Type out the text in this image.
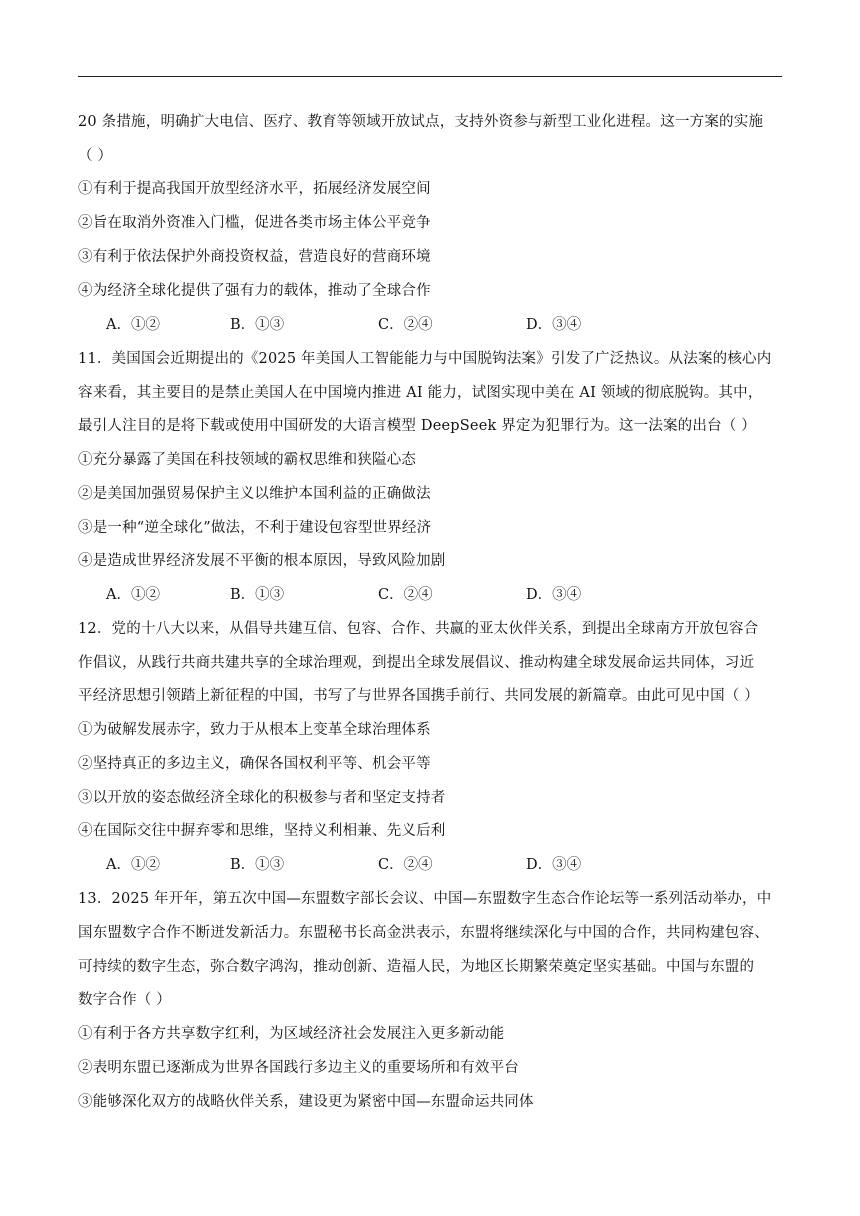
20 条措施，明确扩大电信、医疗、教育等领域开放试点，支持外资参与新型工业化进程。这一方案的实施
（ ）
①有利于提高我国开放型经济水平，拓展经济发展空间
②旨在取消外资准入门槛，促进各类市场主体公平竞争
③有利于依法保护外商投资权益，营造良好的营商环境
④为经济全球化提供了强有力的载体，推动了全球合作
A．①②	B．①③	C．②④	D．③④
11．美国国会近期提出的《2025 年美国人工智能能力与中国脱钩法案》引发了广泛热议。从法案的核心内
容来看，其主要目的是禁止美国人在中国境内推进 AI 能力，试图实现中美在 AI 领域的彻底脱钩。其中，
最引人注目的是将下载或使用中国研发的大语言模型 DeepSeek 界定为犯罪行为。这一法案的出台（ ）
①充分暴露了美国在科技领域的霸权思维和狭隘心态
②是美国加强贸易保护主义以维护本国利益的正确做法
③是一种“逆全球化”做法，不利于建设包容型世界经济
④是造成世界经济发展不平衡的根本原因，导致风险加剧
A．①②	B．①③	C．②④	D．③④
12．党的十八大以来，从倡导共建互信、包容、合作、共赢的亚太伙伴关系，到提出全球南方开放包容合
作倡议，从践行共商共建共享的全球治理观，到提出全球发展倡议、推动构建全球发展命运共同体，习近
平经济思想引领踏上新征程的中国，书写了与世界各国携手前行、共同发展的新篇章。由此可见中国（ ）
①为破解发展赤字，致力于从根本上变革全球治理体系
②坚持真正的多边主义，确保各国权利平等、机会平等
③以开放的姿态做经济全球化的积极参与者和坚定支持者
④在国际交往中摒弃零和思维，坚持义利相兼、先义后利
A．①②	B．①③	C．②④	D．③④
13．2025 年开年，第五次中国—东盟数字部长会议、中国—东盟数字生态合作论坛等一系列活动举办，中
国东盟数字合作不断迸发新活力。东盟秘书长高金洪表示，东盟将继续深化与中国的合作，共同构建包容、
可持续的数字生态，弥合数字鸿沟，推动创新、造福人民，为地区长期繁荣奠定坚实基础。中国与东盟的
数字合作（ ）
①有利于各方共享数字红利，为区域经济社会发展注入更多新动能
②表明东盟已逐渐成为世界各国践行多边主义的重要场所和有效平台
③能够深化双方的战略伙伴关系，建设更为紧密中国—东盟命运共同体
